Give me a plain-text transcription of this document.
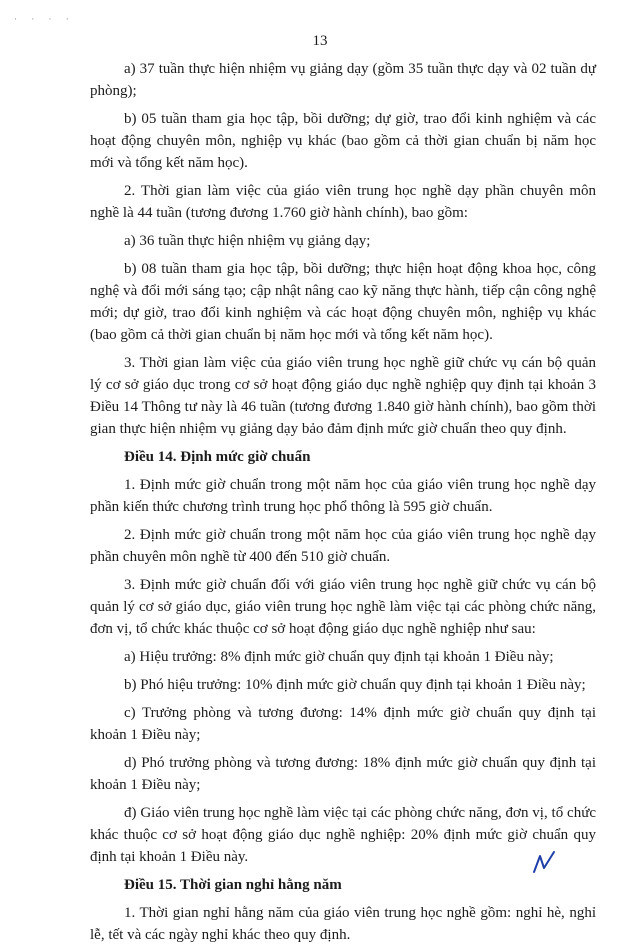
· · · ·
13

a) 37 tuần thực hiện nhiệm vụ giảng dạy (gồm 35 tuần thực dạy và 02 tuần dự phòng);

b) 05 tuần tham gia học tập, bồi dưỡng; dự giờ, trao đổi kinh nghiệm và các hoạt động chuyên môn, nghiệp vụ khác (bao gồm cả thời gian chuẩn bị năm học mới và tổng kết năm học).

2. Thời gian làm việc của giáo viên trung học nghề dạy phần chuyên môn nghề là 44 tuần (tương đương 1.760 giờ hành chính), bao gồm:

a) 36 tuần thực hiện nhiệm vụ giảng dạy;

b) 08 tuần tham gia học tập, bồi dưỡng; thực hiện hoạt động khoa học, công nghệ và đổi mới sáng tạo; cập nhật nâng cao kỹ năng thực hành, tiếp cận công nghệ mới; dự giờ, trao đổi kinh nghiệm và các hoạt động chuyên môn, nghiệp vụ khác (bao gồm cả thời gian chuẩn bị năm học mới và tổng kết năm học).

3. Thời gian làm việc của giáo viên trung học nghề giữ chức vụ cán bộ quản lý cơ sở giáo dục trong cơ sở hoạt động giáo dục nghề nghiệp quy định tại khoản 3 Điều 14 Thông tư này là 46 tuần (tương đương 1.840 giờ hành chính), bao gồm thời gian thực hiện nhiệm vụ giảng dạy bảo đảm định mức giờ chuẩn theo quy định.

Điều 14. Định mức giờ chuẩn

1. Định mức giờ chuẩn trong một năm học của giáo viên trung học nghề dạy phần kiến thức chương trình trung học phổ thông là 595 giờ chuẩn.

2. Định mức giờ chuẩn trong một năm học của giáo viên trung học nghề dạy phần chuyên môn nghề từ 400 đến 510 giờ chuẩn.

3. Định mức giờ chuẩn đối với giáo viên trung học nghề giữ chức vụ cán bộ quản lý cơ sở giáo dục, giáo viên trung học nghề làm việc tại các phòng chức năng, đơn vị, tổ chức khác thuộc cơ sở hoạt động giáo dục nghề nghiệp như sau:

a) Hiệu trưởng: 8% định mức giờ chuẩn quy định tại khoản 1 Điều này;

b) Phó hiệu trưởng: 10% định mức giờ chuẩn quy định tại khoản 1 Điều này;

c) Trưởng phòng và tương đương: 14% định mức giờ chuẩn quy định tại khoản 1 Điều này;

d) Phó trưởng phòng và tương đương: 18% định mức giờ chuẩn quy định tại khoản 1 Điều này;

đ) Giáo viên trung học nghề làm việc tại các phòng chức năng, đơn vị, tổ chức khác thuộc cơ sở hoạt động giáo dục nghề nghiệp: 20% định mức giờ chuẩn quy định tại khoản 1 Điều này.

Điều 15. Thời gian nghỉ hằng năm

1. Thời gian nghỉ hằng năm của giáo viên trung học nghề gồm: nghỉ hè, nghỉ lễ, tết và các ngày nghỉ khác theo quy định.
